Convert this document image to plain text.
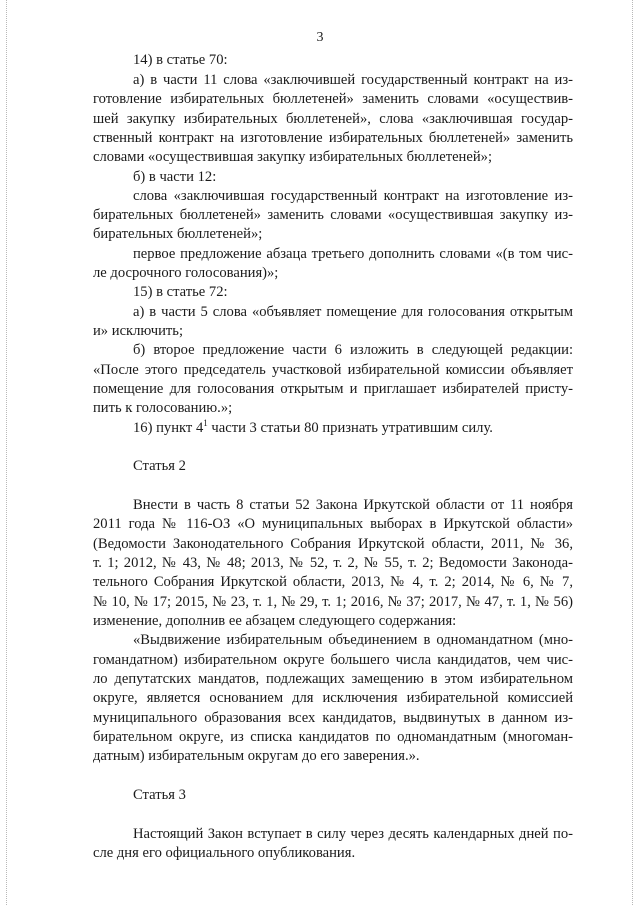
3
14) в статье 70:
а) в части 11 слова «заключившей государственный контракт на из-
готовление избирательных бюллетеней» заменить словами «осуществив-
шей закупку избирательных бюллетеней», слова «заключившая государ-
ственный контракт на изготовление избирательных бюллетеней» заменить
словами «осуществившая закупку избирательных бюллетеней»;
б) в части 12:
слова «заключившая государственный контракт на изготовление из-
бирательных бюллетеней» заменить словами «осуществившая закупку из-
бирательных бюллетеней»;
первое предложение абзаца третьего дополнить словами «(в том чис-
ле досрочного голосования)»;
15) в статье 72:
а) в части 5 слова «объявляет помещение для голосования открытым
и» исключить;
б) второе предложение части 6 изложить в следующей редакции:
«После этого председатель участковой избирательной комиссии объявляет
помещение для голосования открытым и приглашает избирателей присту-
пить к голосованию.»;
16) пункт $4^1$ части 3 статьи 80 признать утратившим силу.
Статья 2
Внести в часть 8 статьи 52 Закона Иркутской области от 11 ноября
2011 года № 116-ОЗ «О муниципальных выборах в Иркутской области»
(Ведомости Законодательного Собрания Иркутской области, 2011, № 36,
т. 1; 2012, № 43, № 48; 2013, № 52, т. 2, № 55, т. 2; Ведомости Законода-
тельного Собрания Иркутской области, 2013, № 4, т. 2; 2014, № 6, № 7,
№ 10, № 17; 2015, № 23, т. 1, № 29, т. 1; 2016, № 37; 2017, № 47, т. 1, № 56)
изменение, дополнив ее абзацем следующего содержания:
«Выдвижение избирательным объединением в одномандатном (мно-
гомандатном) избирательном округе большего числа кандидатов, чем чис-
ло депутатских мандатов, подлежащих замещению в этом избирательном
округе, является основанием для исключения избирательной комиссией
муниципального образования всех кандидатов, выдвинутых в данном из-
бирательном округе, из списка кандидатов по одномандатным (многоман-
датным) избирательным округам до его заверения.».
Статья 3
Настоящий Закон вступает в силу через десять календарных дней по-
сле дня его официального опубликования.
